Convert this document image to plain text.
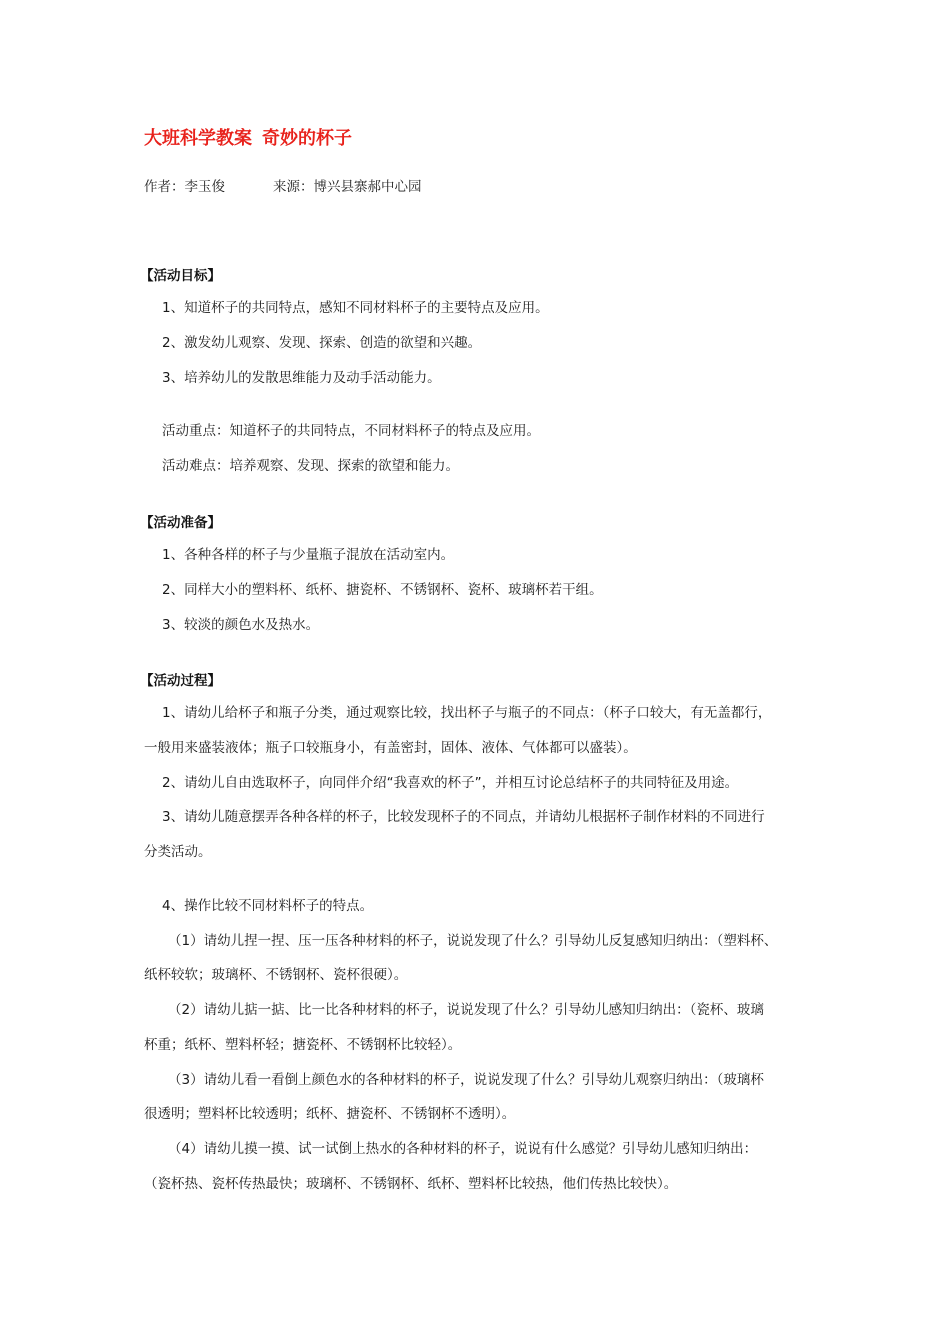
大班科学教案 奇妙的杯子
作者：李玉俊	来源：博兴县寨郝中心园
【活动目标】
1、知道杯子的共同特点，感知不同材料杯子的主要特点及应用。
2、激发幼儿观察、发现、探索、创造的欲望和兴趣。
3、培养幼儿的发散思维能力及动手活动能力。
活动重点：知道杯子的共同特点，不同材料杯子的特点及应用。
活动难点：培养观察、发现、探索的欲望和能力。
【活动准备】
1、各种各样的杯子与少量瓶子混放在活动室内。
2、同样大小的塑料杯、纸杯、搪瓷杯、不锈钢杯、瓷杯、玻璃杯若干组。
3、较淡的颜色水及热水。
【活动过程】
1、请幼儿给杯子和瓶子分类，通过观察比较，找出杯子与瓶子的不同点：（杯子口较大，有无盖都行，
一般用来盛装液体；瓶子口较瓶身小，有盖密封，固体、液体、气体都可以盛装）。
2、请幼儿自由选取杯子，向同伴介绍“我喜欢的杯子”，并相互讨论总结杯子的共同特征及用途。
3、请幼儿随意摆弄各种各样的杯子，比较发现杯子的不同点，并请幼儿根据杯子制作材料的不同进行
分类活动。
4、操作比较不同材料杯子的特点。
（1）请幼儿捏一捏、压一压各种材料的杯子，说说发现了什么？引导幼儿反复感知归纳出：（塑料杯、
纸杯较软；玻璃杯、不锈钢杯、瓷杯很硬）。
（2）请幼儿掂一掂、比一比各种材料的杯子，说说发现了什么？引导幼儿感知归纳出：（瓷杯、玻璃
杯重；纸杯、塑料杯轻；搪瓷杯、不锈钢杯比较轻）。
（3）请幼儿看一看倒上颜色水的各种材料的杯子，说说发现了什么？引导幼儿观察归纳出：（玻璃杯
很透明；塑料杯比较透明；纸杯、搪瓷杯、不锈钢杯不透明）。
（4）请幼儿摸一摸、试一试倒上热水的各种材料的杯子，说说有什么感觉？引导幼儿感知归纳出：
（瓷杯热、瓷杯传热最快；玻璃杯、不锈钢杯、纸杯、塑料杯比较热，他们传热比较快）。
